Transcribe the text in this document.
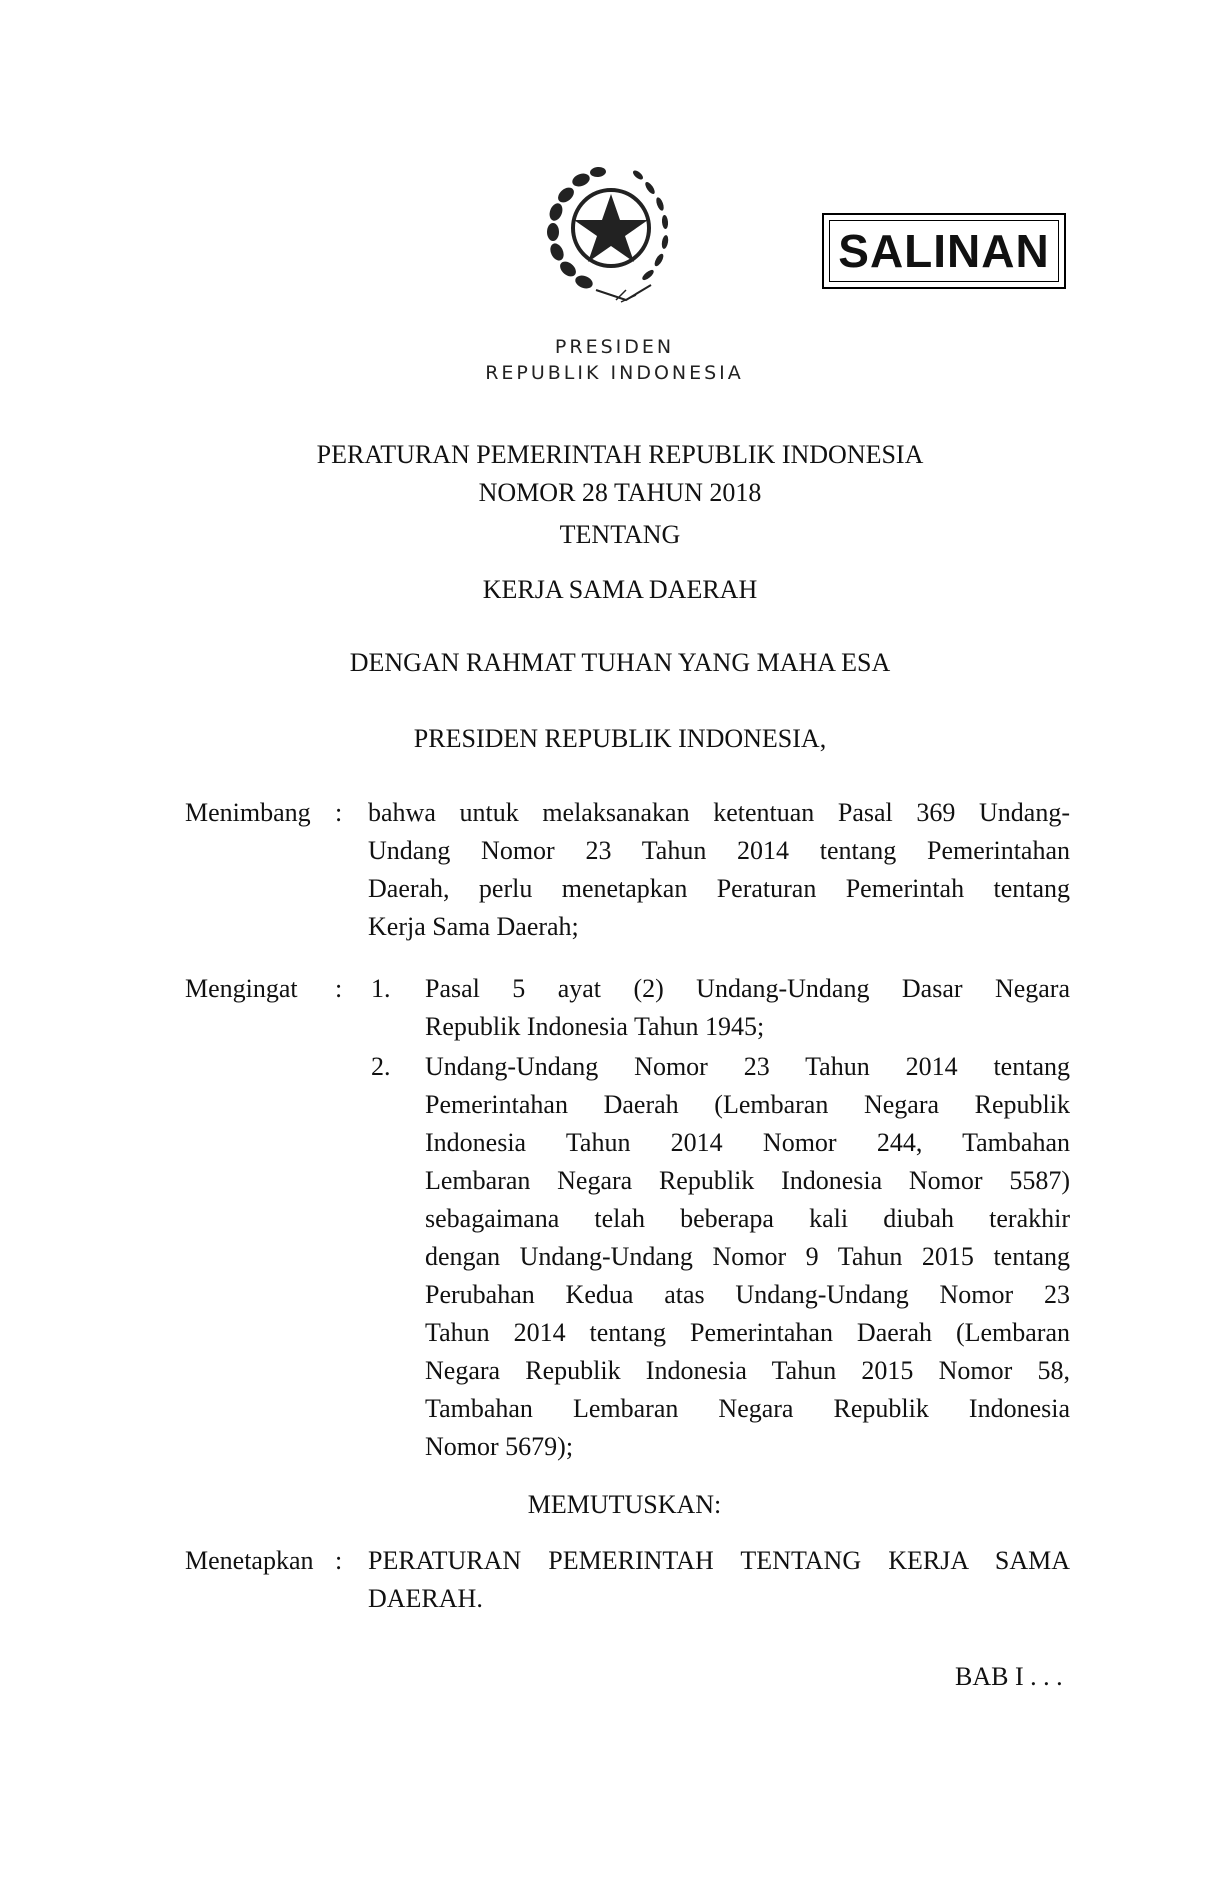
SALINAN
PRESIDEN
REPUBLIK INDONESIA
PERATURAN PEMERINTAH REPUBLIK INDONESIA
NOMOR 28 TAHUN 2018
TENTANG
KERJA SAMA DAERAH
DENGAN RAHMAT TUHAN YANG MAHA ESA
PRESIDEN REPUBLIK INDONESIA,
Menimbang : bahwa untuk melaksanakan ketentuan Pasal 369 Undang-
Undang Nomor 23 Tahun 2014 tentang Pemerintahan
Daerah, perlu menetapkan Peraturan Pemerintah tentang
Kerja Sama Daerah;
Mengingat : 1. Pasal 5 ayat (2) Undang-Undang Dasar Negara
Republik Indonesia Tahun 1945;
2. Undang-Undang Nomor 23 Tahun 2014 tentang
Pemerintahan Daerah (Lembaran Negara Republik
Indonesia Tahun 2014 Nomor 244, Tambahan
Lembaran Negara Republik Indonesia Nomor 5587)
sebagaimana telah beberapa kali diubah terakhir
dengan Undang-Undang Nomor 9 Tahun 2015 tentang
Perubahan Kedua atas Undang-Undang Nomor 23
Tahun 2014 tentang Pemerintahan Daerah (Lembaran
Negara Republik Indonesia Tahun 2015 Nomor 58,
Tambahan Lembaran Negara Republik Indonesia
Nomor 5679);
MEMUTUSKAN:
Menetapkan : PERATURAN PEMERINTAH TENTANG KERJA SAMA
DAERAH.
BAB I . . .
